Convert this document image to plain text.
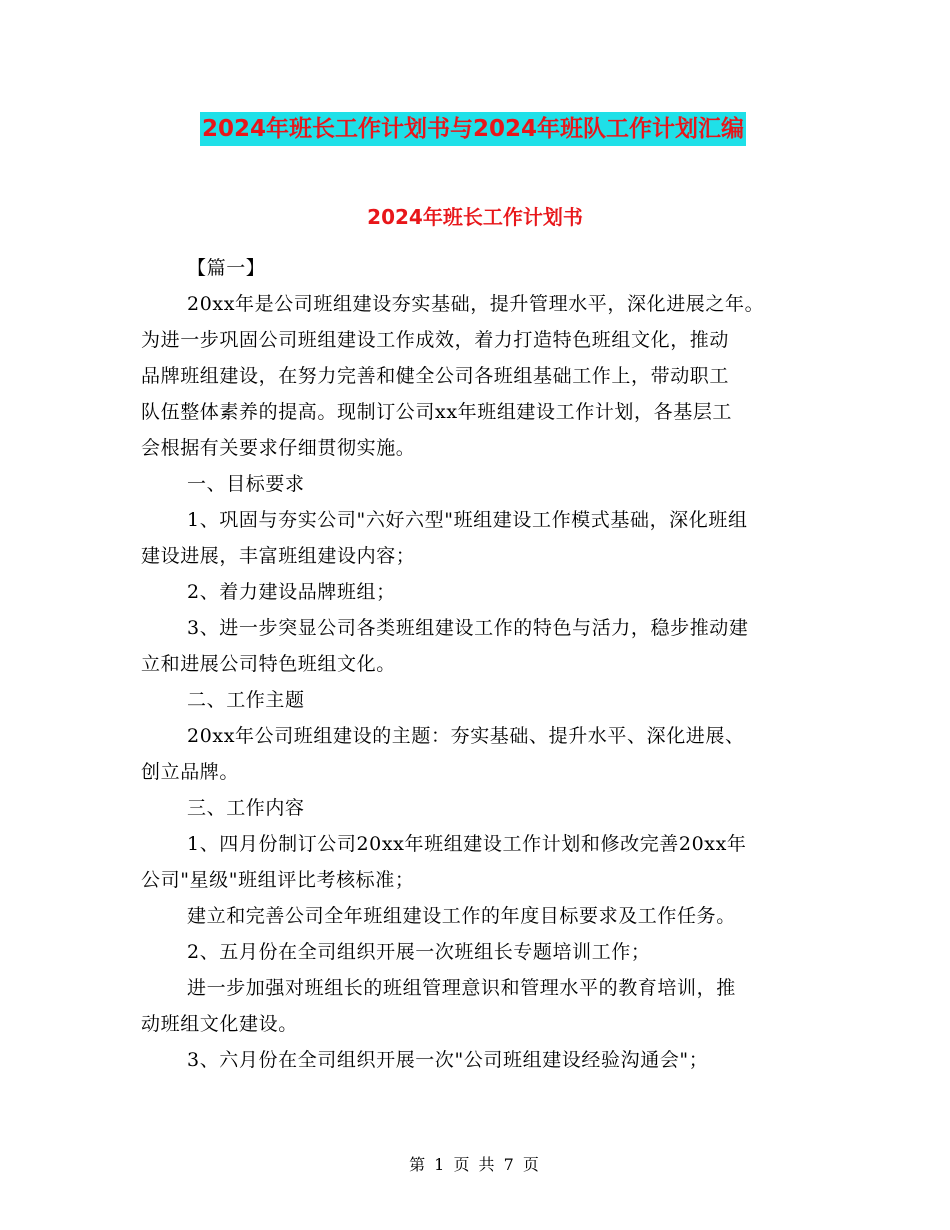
2024年班长工作计划书与2024年班队工作计划汇编
2024年班长工作计划书
【篇一】
20xx年是公司班组建设夯实基础，提升管理水平，深化进展之年。
为进一步巩固公司班组建设工作成效，着力打造特色班组文化，推动
品牌班组建设，在努力完善和健全公司各班组基础工作上，带动职工
队伍整体素养的提高。现制订公司xx年班组建设工作计划，各基层工
会根据有关要求仔细贯彻实施。
一、目标要求
1、巩固与夯实公司"六好六型"班组建设工作模式基础，深化班组
建设进展，丰富班组建设内容；
2、着力建设品牌班组；
3、进一步突显公司各类班组建设工作的特色与活力，稳步推动建
立和进展公司特色班组文化。
二、工作主题
20xx年公司班组建设的主题：夯实基础、提升水平、深化进展、
创立品牌。
三、工作内容
1、四月份制订公司20xx年班组建设工作计划和修改完善20xx年
公司"星级"班组评比考核标准；
建立和完善公司全年班组建设工作的年度目标要求及工作任务。
2、五月份在全司组织开展一次班组长专题培训工作；
进一步加强对班组长的班组管理意识和管理水平的教育培训，推
动班组文化建设。
3、六月份在全司组织开展一次"公司班组建设经验沟通会"；
第 1 页 共 7 页
